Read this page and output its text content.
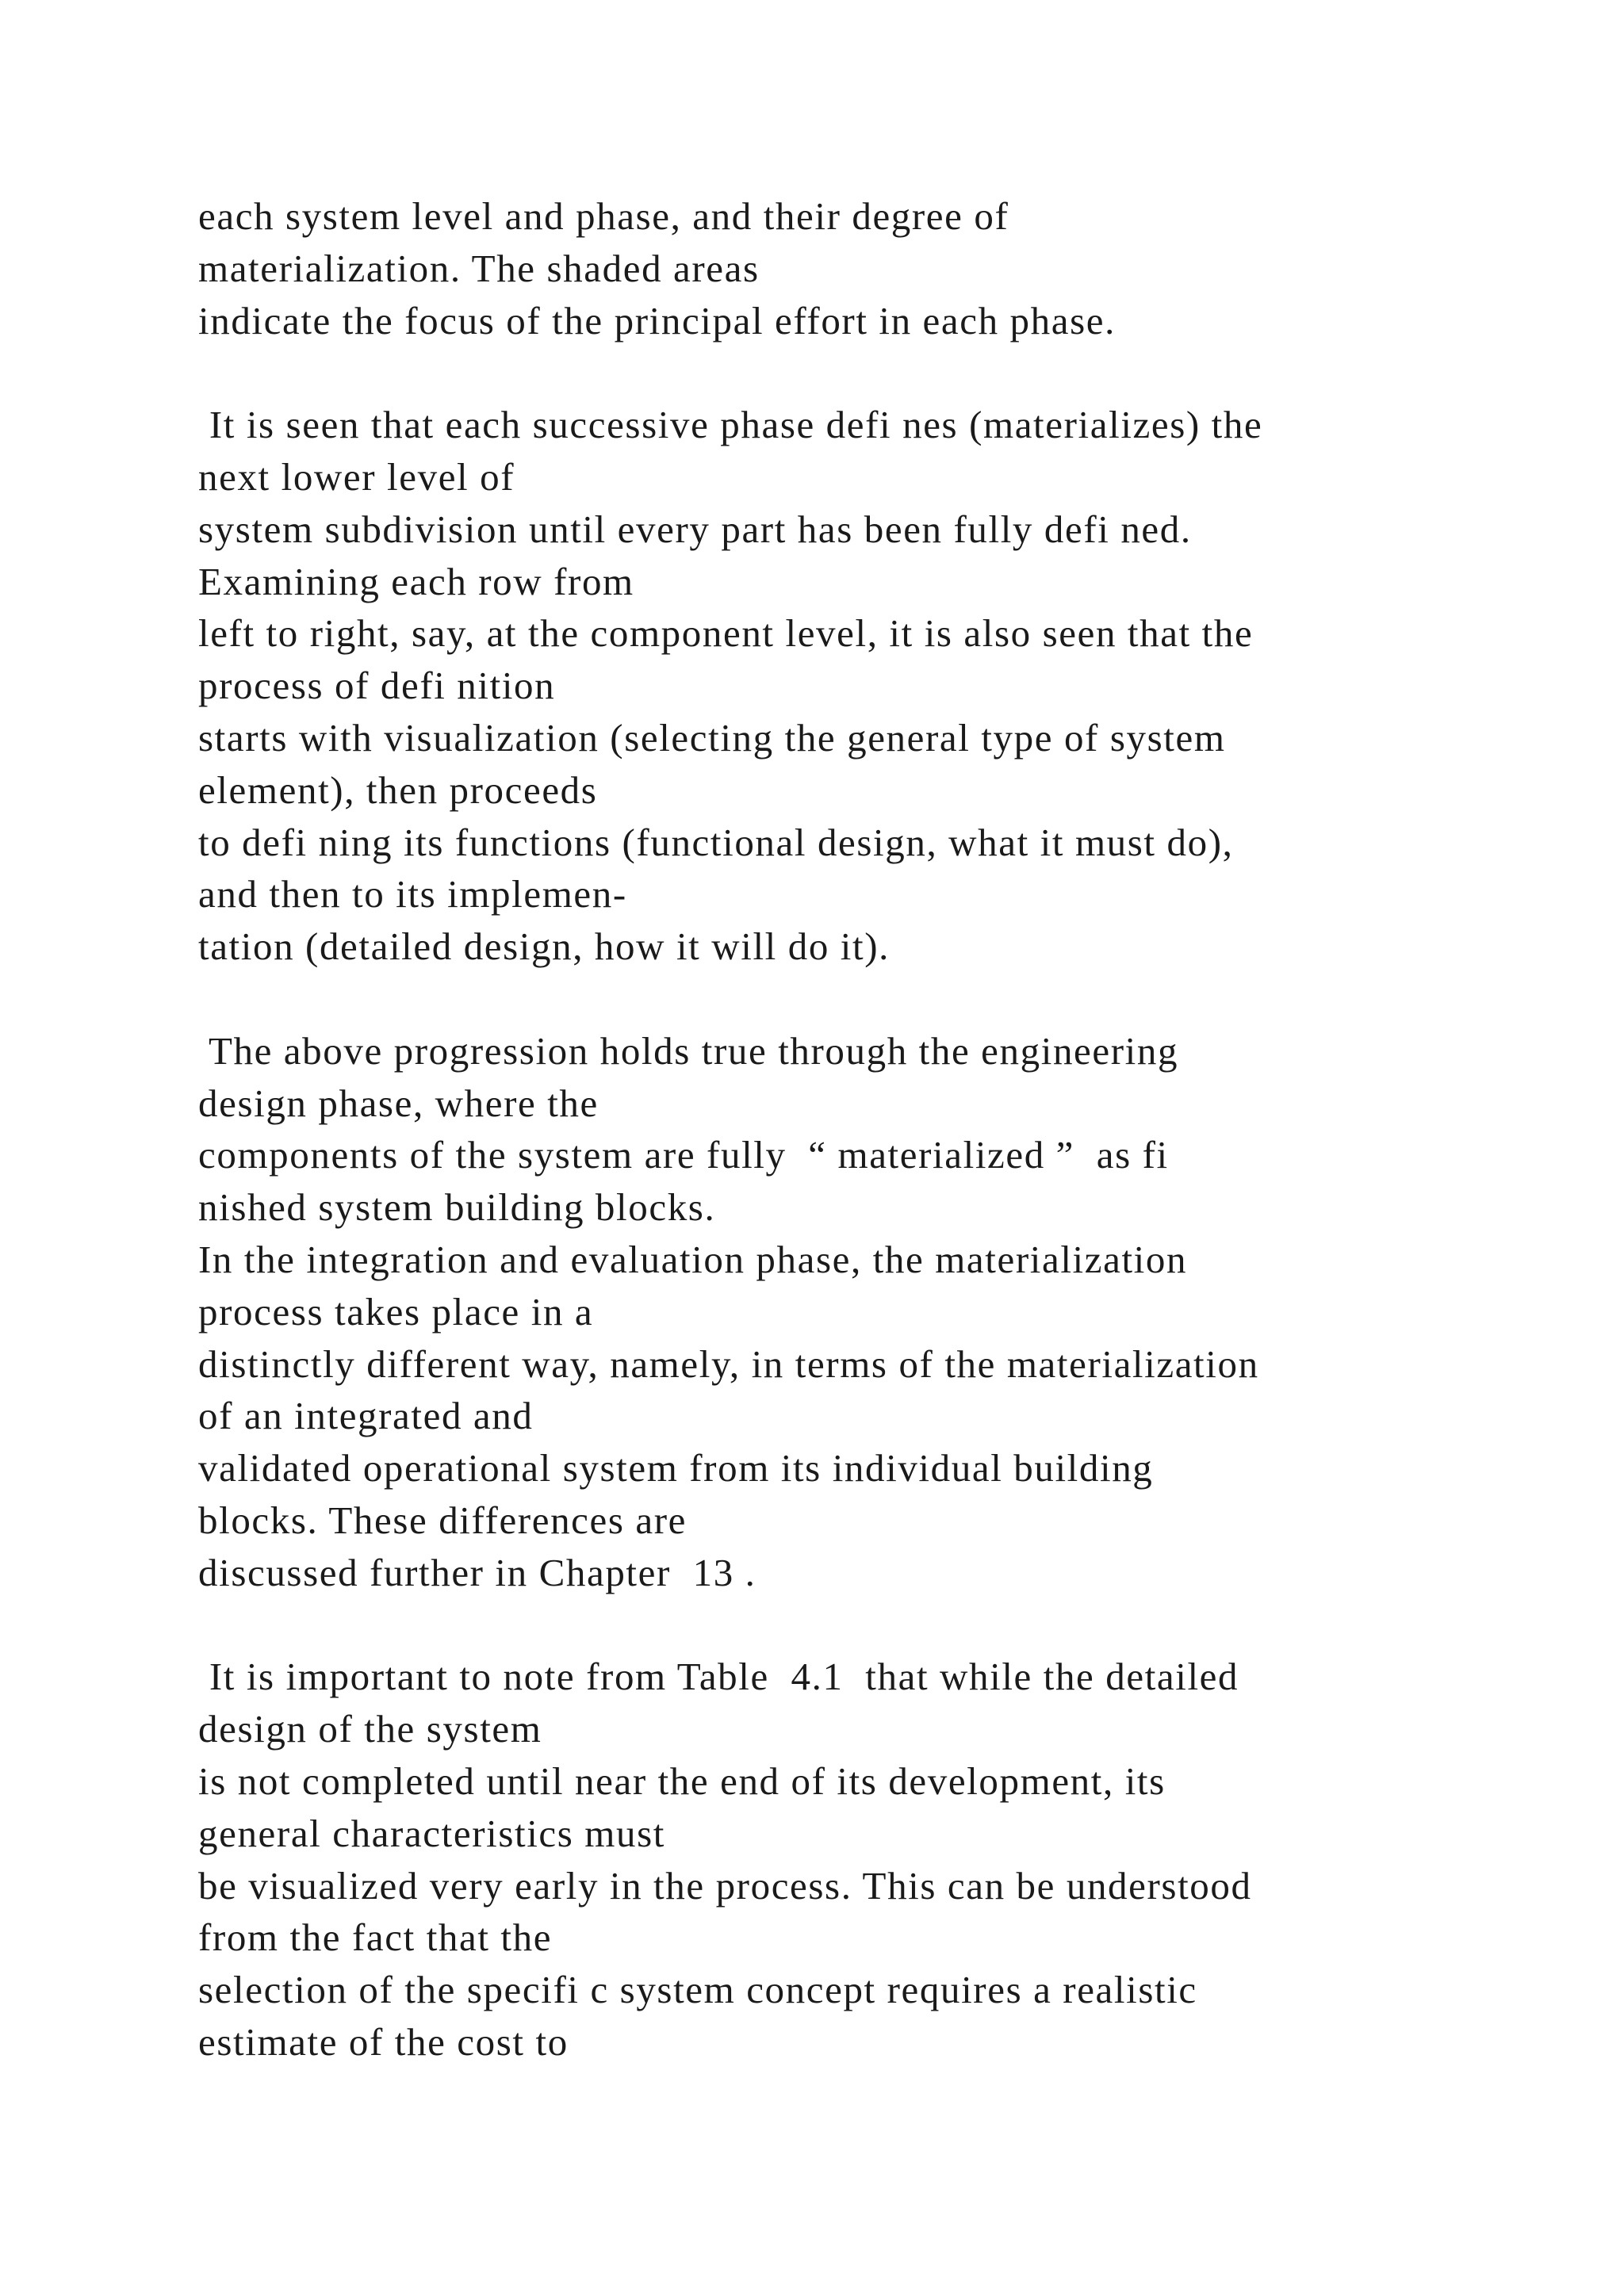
each system level and phase, and their degree of
materialization. The shaded areas
indicate the focus of the principal effort in each phase.
It is seen that each successive phase defi nes (materializes) the
next lower level of
system subdivision until every part has been fully defi ned.
Examining each row from
left to right, say, at the component level, it is also seen that the
process of defi nition
starts with visualization (selecting the general type of system
element), then proceeds
to defi ning its functions (functional design, what it must do),
and then to its implemen-
tation (detailed design, how it will do it).
The above progression holds true through the engineering
design phase, where the
components of the system are fully  “ materialized ”  as fi
nished system building blocks.
In the integration and evaluation phase, the materialization
process takes place in a
distinctly different way, namely, in terms of the materialization
of an integrated and
validated operational system from its individual building
blocks. These differences are
discussed further in Chapter  13 .
It is important to note from Table  4.1  that while the detailed
design of the system
is not completed until near the end of its development, its
general characteristics must
be visualized very early in the process. This can be understood
from the fact that the
selection of the specifi c system concept requires a realistic
estimate of the cost to
